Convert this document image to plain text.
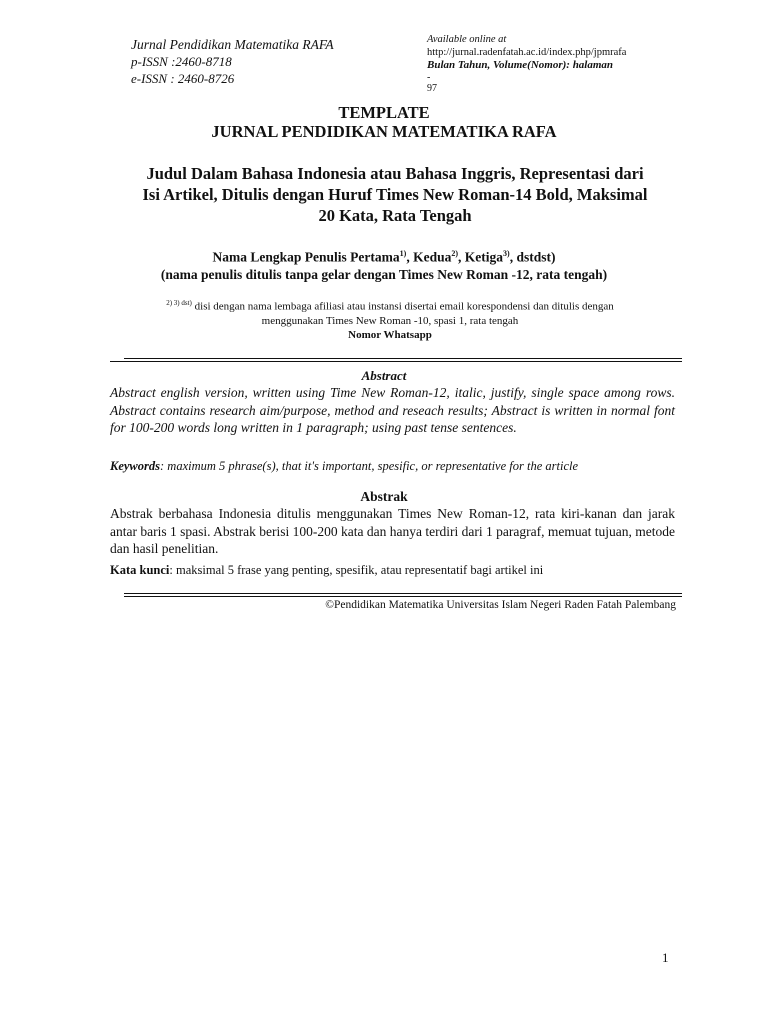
Jurnal Pendidikan Matematika RAFA
p-ISSN :2460-8718
e-ISSN : 2460-8726
Available online at
http://jurnal.radenfatah.ac.id/index.php/jpmrafa
Bulan Tahun, Volume(Nomor): halaman
-
97
TEMPLATE
JURNAL PENDIDIKAN MATEMATIKA RAFA
Judul Dalam Bahasa Indonesia atau Bahasa Inggris, Representasi dari
Isi Artikel, Ditulis dengan Huruf Times New Roman-14 Bold, Maksimal
20 Kata, Rata Tengah
Nama Lengkap Penulis Pertama$^{1)}$, Kedua$^{2)}$, Ketiga$^{3)}$, dstdst)
(nama penulis ditulis tanpa gelar dengan Times New Roman -12, rata tengah)
$^{2) 3) dst)}$ disi dengan nama lembaga afiliasi atau instansi disertai email korespondensi dan ditulis dengan
menggunakan Times New Roman -10, spasi 1, rata tengah
Nomor Whatsapp
Abstract
Abstract english version, written using Time New Roman-12, italic, justify, single space among rows. Abstract contains research aim/purpose, method and reseach results; Abstract is written in normal font for 100-200 words long written in 1 paragraph; using past tense sentences.
Keywords: maximum 5 phrase(s), that it's important, spesific, or representative for the article
Abstrak
Abstrak berbahasa Indonesia ditulis menggunakan Times New Roman-12, rata kiri-kanan dan jarak antar baris 1 spasi. Abstrak berisi 100-200 kata dan hanya terdiri dari 1 paragraf, memuat tujuan, metode dan hasil penelitian.
Kata kunci: maksimal 5 frase yang penting, spesifik, atau representatif bagi artikel ini
©Pendidikan Matematika Universitas Islam Negeri Raden Fatah Palembang
1
